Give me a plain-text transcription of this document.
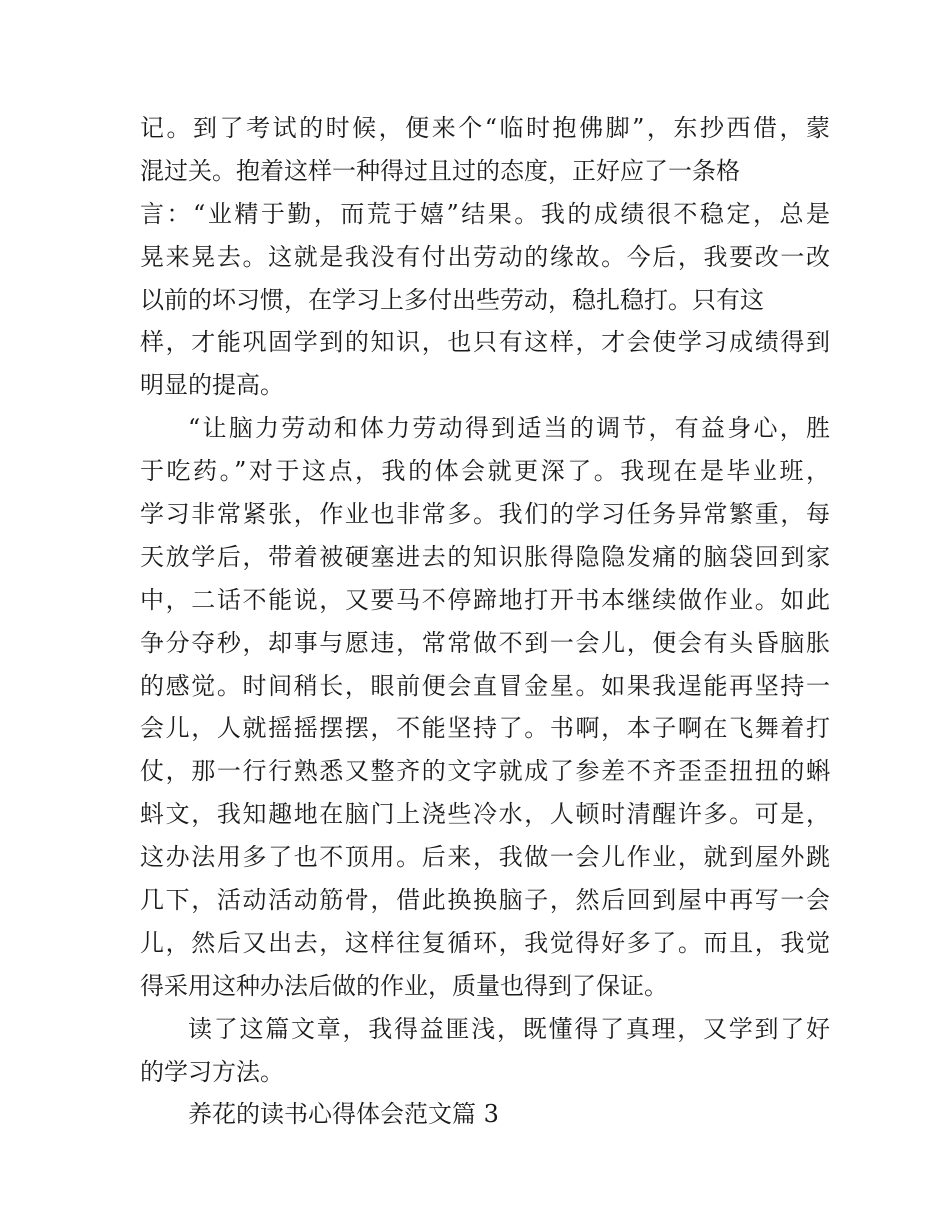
记。到了考试的时候，便来个“临时抱佛脚”，东抄西借，蒙
混过关。抱着这样一种得过且过的态度，正好应了一条格
言：“业精于勤，而荒于嬉”结果。我的成绩很不稳定，总是
晃来晃去。这就是我没有付出劳动的缘故。今后，我要改一改
以前的坏习惯，在学习上多付出些劳动，稳扎稳打。只有这
样，才能巩固学到的知识，也只有这样，才会使学习成绩得到
明显的提高。
“让脑力劳动和体力劳动得到适当的调节，有益身心，胜
于吃药。”对于这点，我的体会就更深了。我现在是毕业班，
学习非常紧张，作业也非常多。我们的学习任务异常繁重，每
天放学后，带着被硬塞进去的知识胀得隐隐发痛的脑袋回到家
中，二话不能说，又要马不停蹄地打开书本继续做作业。如此
争分夺秒，却事与愿违，常常做不到一会儿，便会有头昏脑胀
的感觉。时间稍长，眼前便会直冒金星。如果我逞能再坚持一
会儿，人就摇摇摆摆，不能坚持了。书啊，本子啊在飞舞着打
仗，那一行行熟悉又整齐的文字就成了参差不齐歪歪扭扭的蝌
蚪文，我知趣地在脑门上浇些冷水，人顿时清醒许多。可是，
这办法用多了也不顶用。后来，我做一会儿作业，就到屋外跳
几下，活动活动筋骨，借此换换脑子，然后回到屋中再写一会
儿，然后又出去，这样往复循环，我觉得好多了。而且，我觉
得采用这种办法后做的作业，质量也得到了保证。
读了这篇文章，我得益匪浅，既懂得了真理，又学到了好
的学习方法。
养花的读书心得体会范文篇 3
